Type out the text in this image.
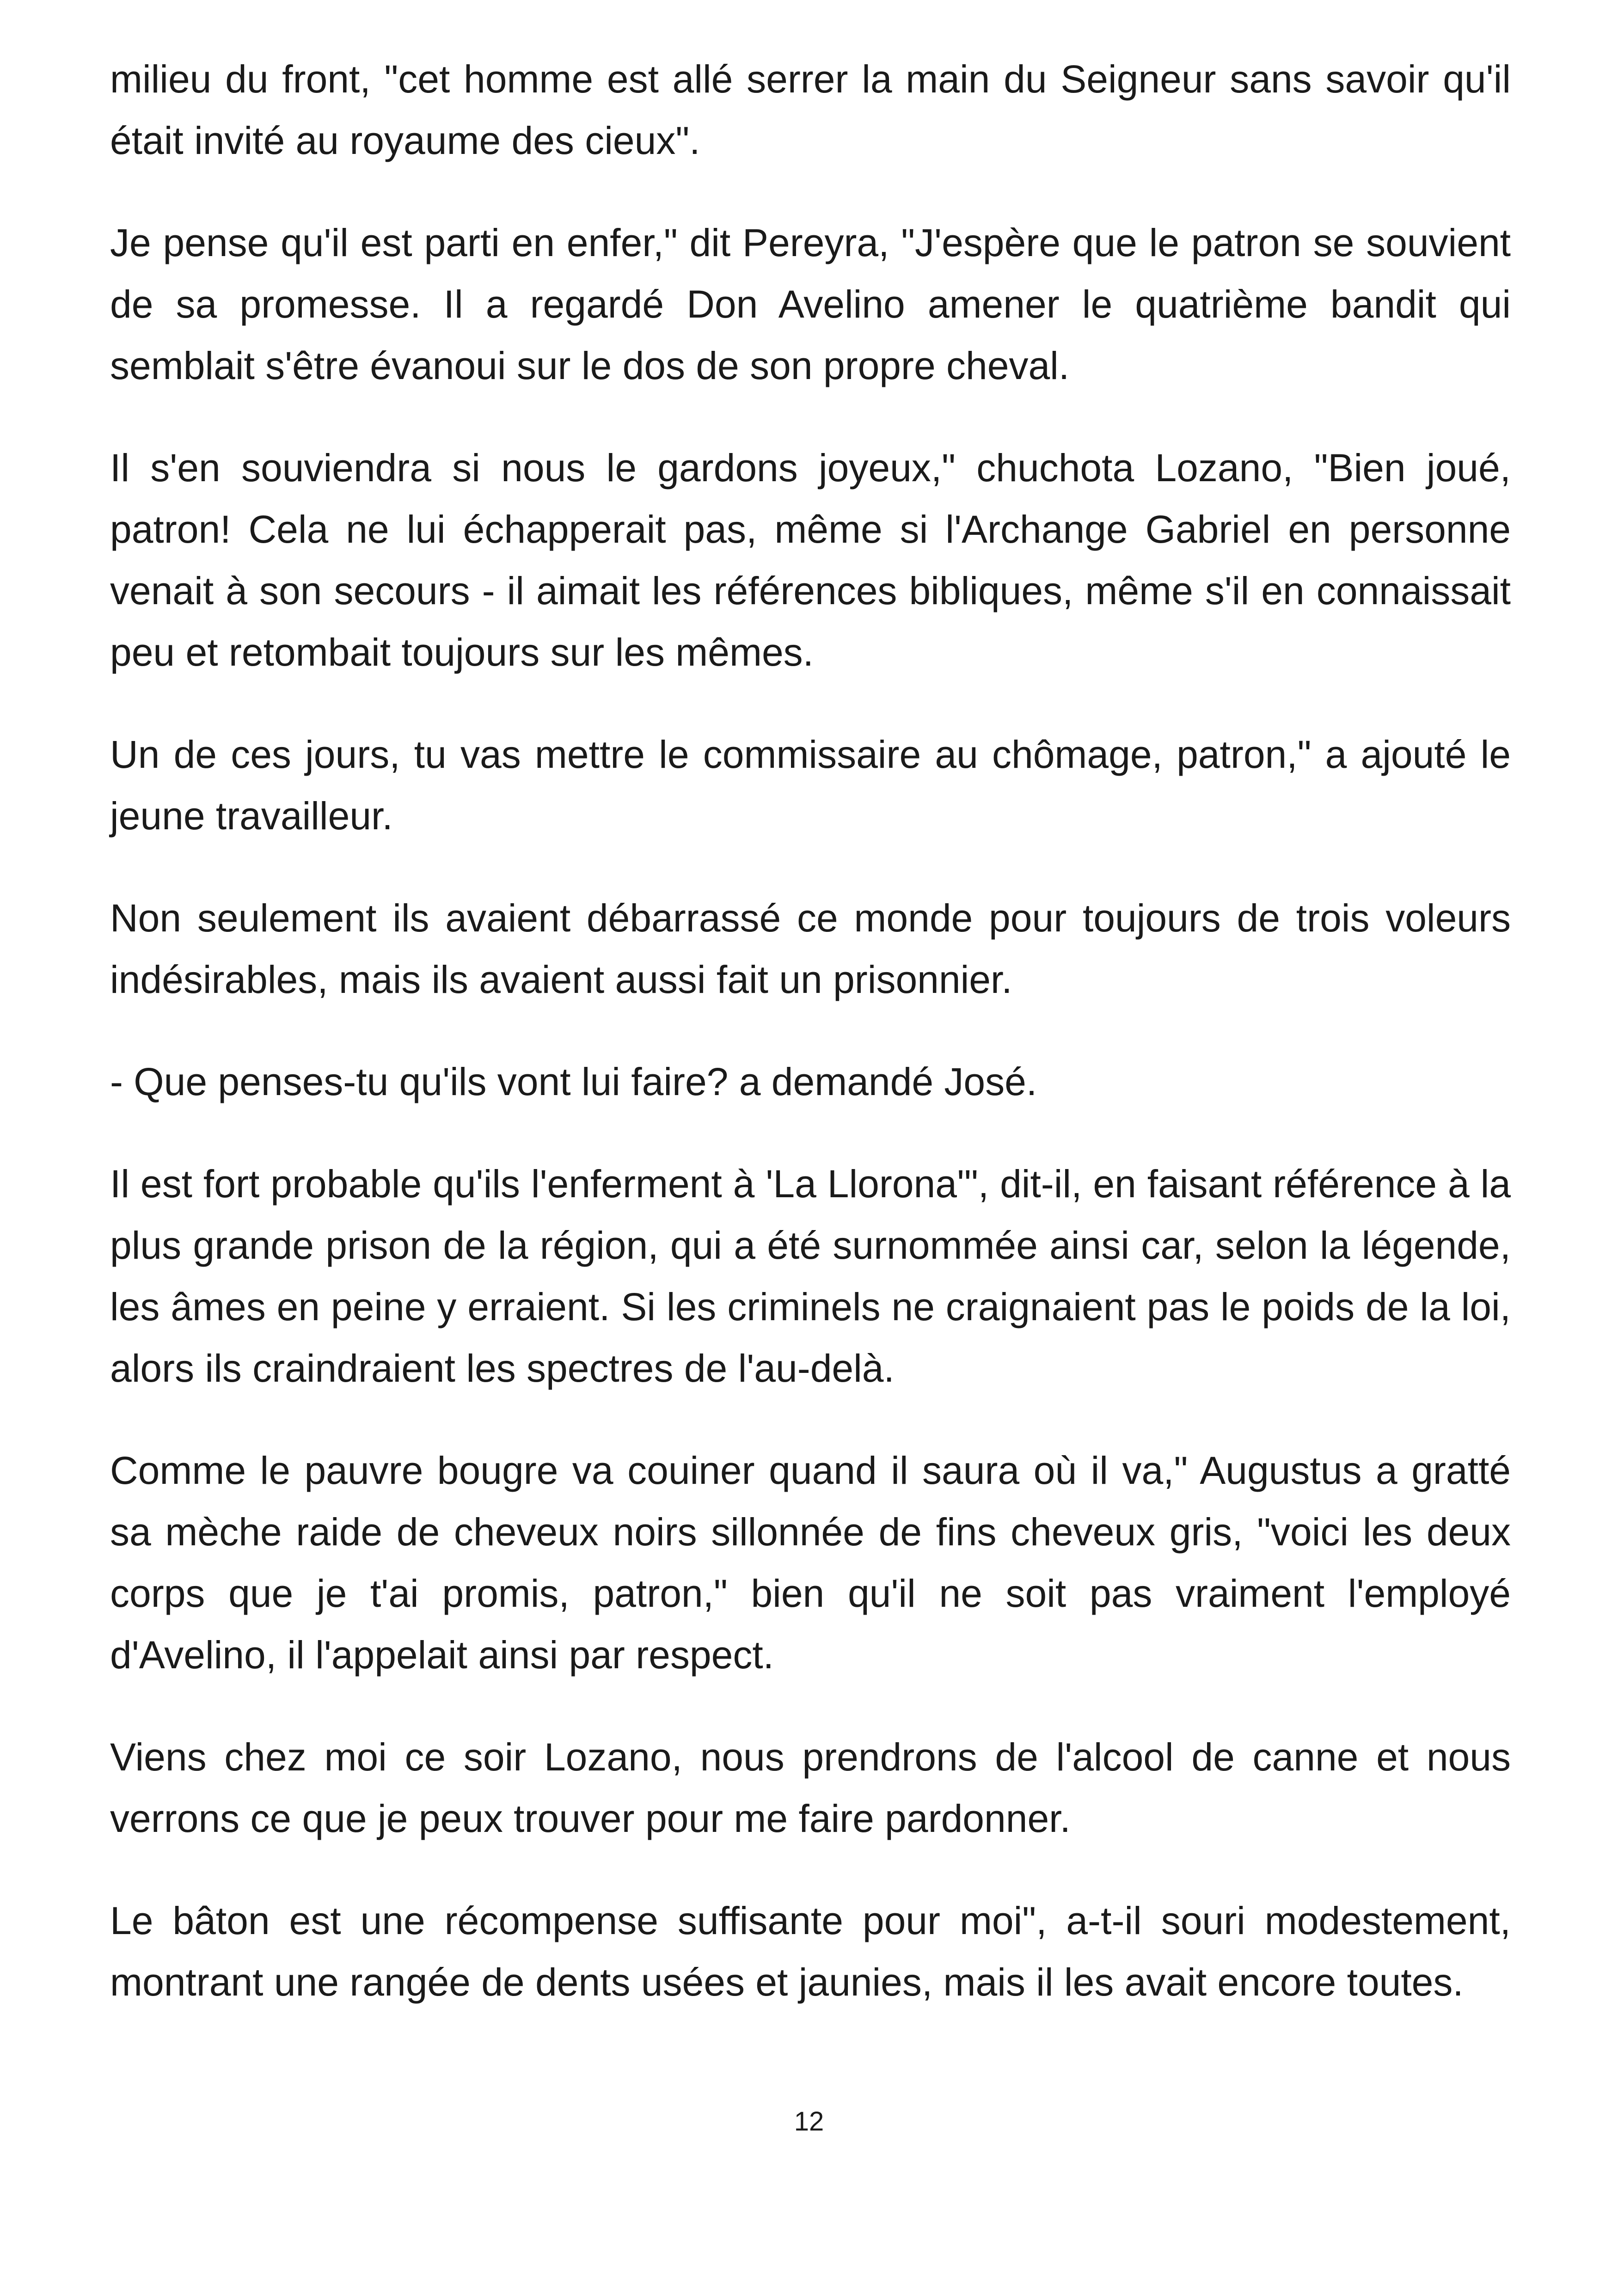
milieu du front, "cet homme est allé serrer la main du Seigneur sans savoir qu'il était invité au royaume des cieux".

Je pense qu'il est parti en enfer," dit Pereyra, "J'espère que le patron se souvient de sa promesse. Il a regardé Don Avelino amener le quatrième bandit qui semblait s'être évanoui sur le dos de son propre cheval.

Il s'en souviendra si nous le gardons joyeux," chuchota Lozano, "Bien joué, patron! Cela ne lui échapperait pas, même si l'Archange Gabriel en personne venait à son secours - il aimait les références bibliques, même s'il en connaissait peu et retombait toujours sur les mêmes.

Un de ces jours, tu vas mettre le commissaire au chômage, patron," a ajouté le jeune travailleur.

Non seulement ils avaient débarrassé ce monde pour toujours de trois voleurs indésirables, mais ils avaient aussi fait un prisonnier.

- Que penses-tu qu'ils vont lui faire? a demandé José.

Il est fort probable qu'ils l'enferment à 'La Llorona'", dit-il, en faisant référence à la plus grande prison de la région, qui a été surnommée ainsi car, selon la légende, les âmes en peine y erraient. Si les criminels ne craignaient pas le poids de la loi, alors ils craindraient les spectres de l'au-delà.

Comme le pauvre bougre va couiner quand il saura où il va," Augustus a gratté sa mèche raide de cheveux noirs sillonnée de fins cheveux gris, "voici les deux corps que je t'ai promis, patron," bien qu'il ne soit pas vraiment l'employé d'Avelino, il l'appelait ainsi par respect.

Viens chez moi ce soir Lozano, nous prendrons de l'alcool de canne et nous verrons ce que je peux trouver pour me faire pardonner.

Le bâton est une récompense suffisante pour moi", a-t-il souri modestement, montrant une rangée de dents usées et jaunies, mais il les avait encore toutes.

12
